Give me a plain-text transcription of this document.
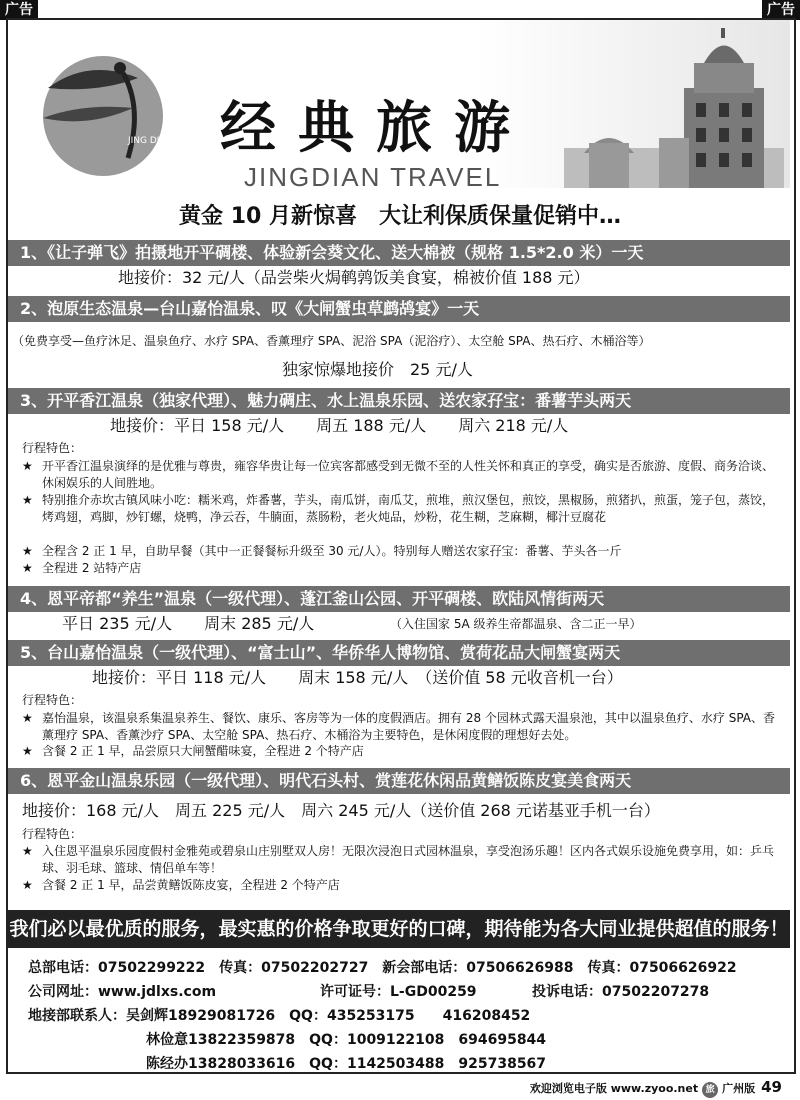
广告	广告
JING DIAN 经典旅游
JINGDIAN TRAVEL
黄金 10 月新惊喜　大让利保质保量促销中…
1、《让子弹飞》拍摄地开平碉楼、体验新会葵文化、送大棉被（规格 1.5*2.0 米）一天
地接价：32 元/人（品尝柴火焗鹌鹑饭美食宴，棉被价值 188 元）
2、泡原生态温泉—台山嘉怡温泉、叹《大闸蟹虫草鹧鸪宴》一天
（免费享受—鱼疗沐足、温泉鱼疗、水疗 SPA、香薰理疗 SPA、泥浴 SPA（泥浴疗）、太空舱 SPA、热石疗、木桶浴等）
独家惊爆地接价　25 元/人
3、开平香江温泉（独家代理）、魅力碉庄、水上温泉乐园、送农家孖宝：番薯芋头两天
地接价：平日 158 元/人　　周五 188 元/人　　周六 218 元/人
行程特色：
★ 开平香江温泉演绎的是优雅与尊贵，雍容华贵让每一位宾客都感受到无微不至的人性关怀和真正的享受，确实是否旅游、度假、商务洽谈、休闲娱乐的人间胜地。
★ 特别推介赤坎古镇风味小吃：糯米鸡，炸番薯，芋头，南瓜饼，南瓜艾，煎堆，煎汉堡包，煎饺，黑椒肠，煎猪扒，煎蛋，笼子包，蒸饺，烤鸡翅，鸡脚，炒钉螺，烧鸭，净云吞，牛腩面，蒸肠粉，老火炖品，炒粉，花生糊，芝麻糊，椰汁豆腐花
★ 全程含 2 正 1 早，自助早餐（其中一正餐餐标升级至 30 元/人）。特别每人赠送农家孖宝：番薯、芋头各一斤
★ 全程进 2 站特产店
4、恩平帝都“养生”温泉（一级代理）、蓬江釜山公园、开平碉楼、欧陆风情街两天
平日 235 元/人　　周末 285 元/人	（入住国家 5A 级养生帝都温泉、含二正一早）
5、台山嘉怡温泉（一级代理）、“富士山”、华侨华人博物馆、赏荷花品大闸蟹宴两天
地接价：平日 118 元/人　　周末 158 元/人　（送价值 58 元收音机一台）
行程特色：
★ 嘉怡温泉，该温泉系集温泉养生、餐饮、康乐、客房等为一体的度假酒店。拥有 28 个园林式露天温泉池，其中以温泉鱼疗、水疗 SPA、香薰理疗 SPA、香薰沙疗 SPA、太空舱 SPA、热石疗、木桶浴为主要特色，是休闲度假的理想好去处。
★ 含餐 2 正 1 早，品尝原只大闸蟹醋味宴，全程进 2 个特产店
6、恩平金山温泉乐园（一级代理）、明代石头村、赏莲花休闲品黄鳝饭陈皮宴美食两天
地接价：168 元/人　周五 225 元/人　周六 245 元/人（送价值 268 元诺基亚手机一台）
行程特色：
★ 入住恩平温泉乐园度假村金雅苑或碧泉山庄别墅双人房！无限次浸泡日式园林温泉，享受泡汤乐趣！区内各式娱乐设施免费享用，如：乒乓球、羽毛球、篮球、情侣单车等！
★ 含餐 2 正 1 早，品尝黄鳝饭陈皮宴，全程进 2 个特产店
我们必以最优质的服务，最实惠的价格争取更好的口碑，期待能为各大同业提供超值的服务！
总部电话：07502299222　传真：07502202727　新会部电话：07506626988　传真：07506626922
公司网址：www.jdlxs.com	许可证号：L-GD00259	投诉电话：07502207278
地接部联系人：吴剑辉18929081726　QQ：435253175　　416208452
林俭意13822359878　QQ：1009122108　694695844
陈经办13828033616　QQ：1142503488　925738567
欢迎浏览电子版 www.zyoo.net 旅 广州版 49
